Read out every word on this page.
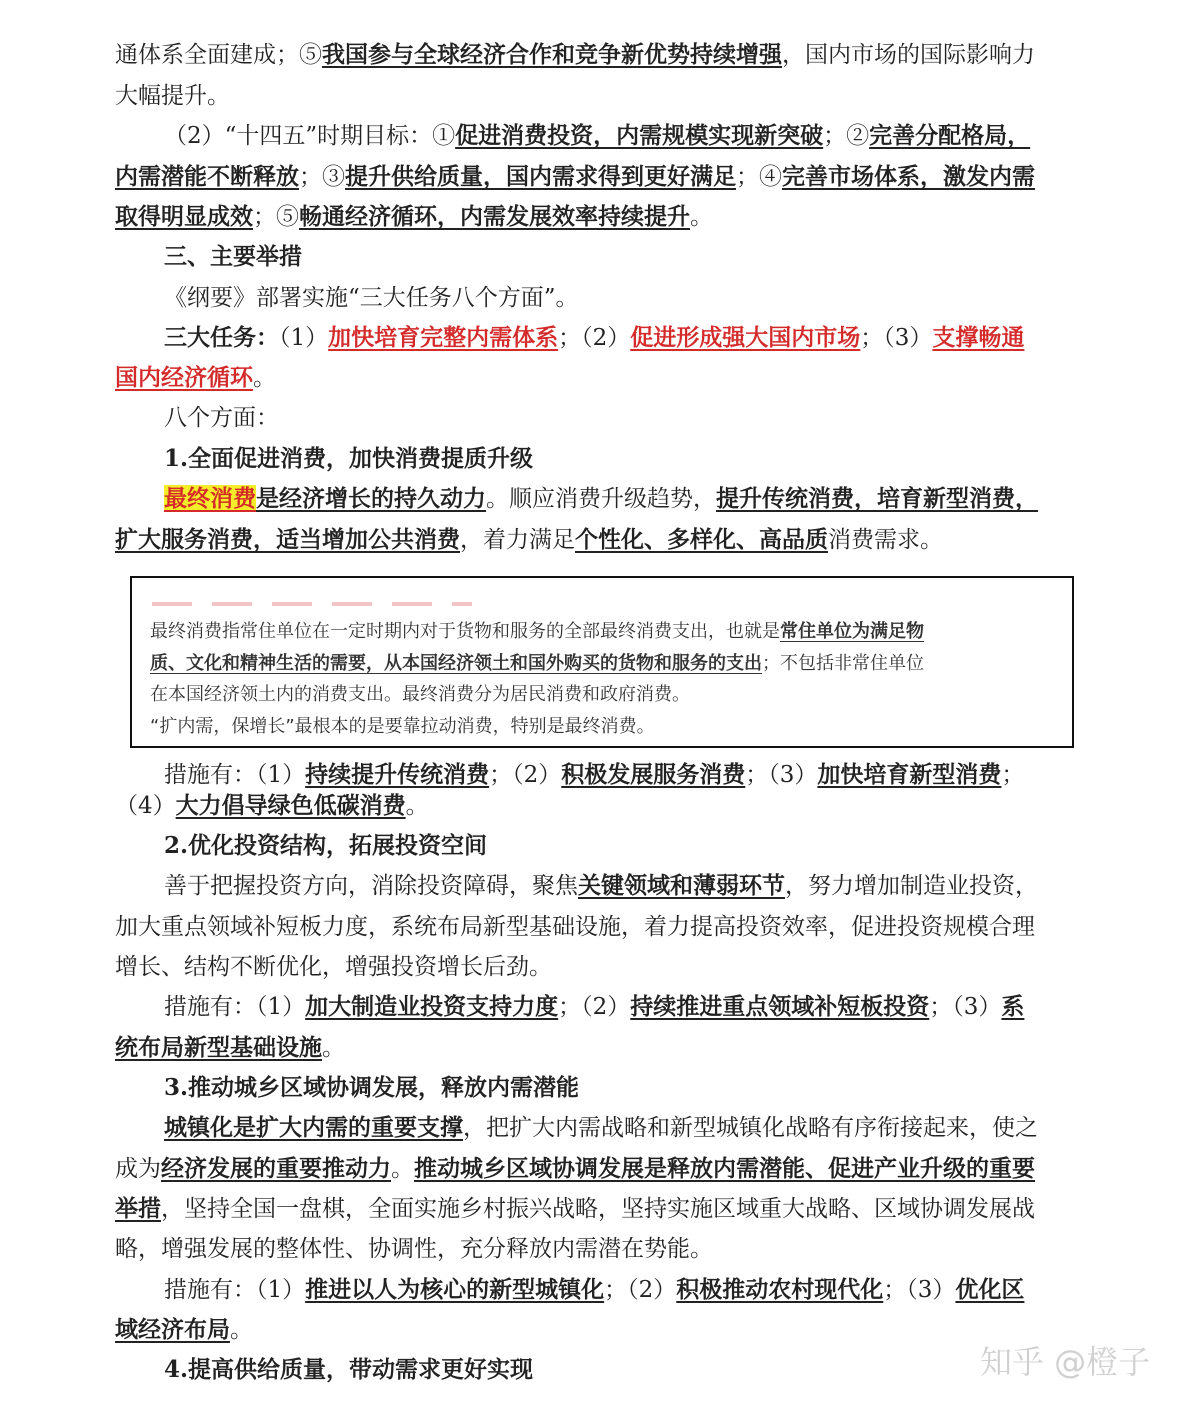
通体系全面建成；⑤我国参与全球经济合作和竞争新优势持续增强，国内市场的国际影响力
大幅提升。
（2）“十四五”时期目标：①促进消费投资，内需规模实现新突破；②完善分配格局，
内需潜能不断释放；③提升供给质量，国内需求得到更好满足；④完善市场体系，激发内需
取得明显成效；⑤畅通经济循环，内需发展效率持续提升。
三、主要举措
《纲要》部署实施“三大任务八个方面”。
三大任务：（1）加快培育完整内需体系；（2）促进形成强大国内市场；（3）支撑畅通
国内经济循环。
八个方面：
1.全面促进消费，加快消费提质升级
最终消费是经济增长的持久动力。顺应消费升级趋势，提升传统消费，培育新型消费，
扩大服务消费，适当增加公共消费，着力满足个性化、多样化、高品质消费需求。
最终消费指常住单位在一定时期内对于货物和服务的全部最终消费支出，也就是常住单位为满足物
质、文化和精神生活的需要，从本国经济领土和国外购买的货物和服务的支出；不包括非常住单位
在本国经济领土内的消费支出。最终消费分为居民消费和政府消费。
“扩内需，保增长”最根本的是要靠拉动消费，特别是最终消费。
措施有：（1）持续提升传统消费；（2）积极发展服务消费；（3）加快培育新型消费；
（4）大力倡导绿色低碳消费。
2.优化投资结构，拓展投资空间
善于把握投资方向，消除投资障碍，聚焦关键领域和薄弱环节，努力增加制造业投资，
加大重点领域补短板力度，系统布局新型基础设施，着力提高投资效率，促进投资规模合理
增长、结构不断优化，增强投资增长后劲。
措施有：（1）加大制造业投资支持力度；（2）持续推进重点领域补短板投资；（3）系
统布局新型基础设施。
3.推动城乡区域协调发展，释放内需潜能
城镇化是扩大内需的重要支撑，把扩大内需战略和新型城镇化战略有序衔接起来，使之
成为经济发展的重要推动力。推动城乡区域协调发展是释放内需潜能、促进产业升级的重要
举措，坚持全国一盘棋，全面实施乡村振兴战略，坚持实施区域重大战略、区域协调发展战
略，增强发展的整体性、协调性，充分释放内需潜在势能。
措施有：（1）推进以人为核心的新型城镇化；（2）积极推动农村现代化；（3）优化区
域经济布局。
4.提高供给质量，带动需求更好实现	知乎 @橙子
